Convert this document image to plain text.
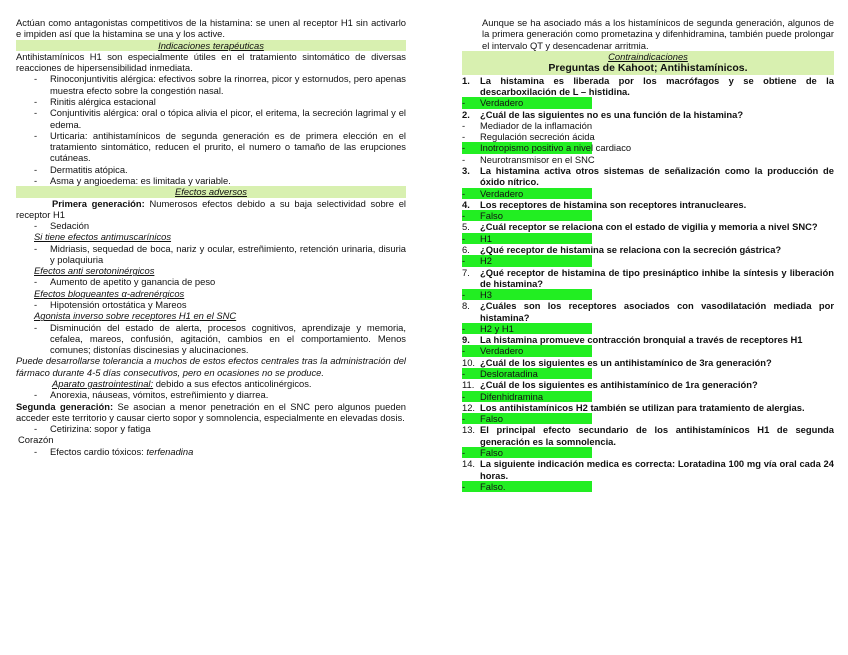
Actúan como antagonistas competitivos de la histamina: se unen al receptor H1 sin activarlo e impiden así que la histamina se una y los active.

Indicaciones terapéuticas

Antihistamínicos H1 son especialmente útiles en el tratamiento sintomático de diversas reacciones de hipersensibilidad inmediata.

-	Rinoconjuntivitis alérgica: efectivos sobre la rinorrea, picor y estornudos, pero apenas muestra efecto sobre la congestión nasal.
-	Rinitis alérgica estacional
-	Conjuntivitis alérgica: oral o tópica alivia el picor, el eritema, la secreción lagrimal y el edema.
-	Urticaria: antihistamínicos de segunda generación es de primera elección en el tratamiento sintomático, reducen el prurito, el numero o tamaño de las erupciones cutáneas.
-	Dermatitis atópica.
-	Asma y angioedema: es limitada y variable.
Efectos adversos

Primera generación: Numerosos efectos debido a su baja selectividad sobre el receptor H1

-	Sedación
Si tiene efectos antimuscarínicos
-	Midriasis, sequedad de boca, nariz y ocular, estreñimiento, retención urinaria, disuria y polaquiuria
Efectos anti serotoninérgicos
-	Aumento de apetito y ganancia de peso
Efectos bloqueantes α-adrenérgicos
-	Hipotensión ortostática y Mareos
Agonista inverso sobre receptores H1 en el SNC
-	Disminución del estado de alerta, procesos cognitivos, aprendizaje y memoria, cefalea, mareos, confusión, agitación, cambios en el comportamiento. Menos comunes; distonías discinesias y alucinaciones.

Puede desarrollarse tolerancia a muchos de estos efectos centrales tras la administración del fármaco durante 4-5 días consecutivos, pero en ocasiones no se produce.

Aparato gastrointestinal: debido a sus efectos anticolinérgicos.

-	Anorexia, náuseas, vómitos, estreñimiento y diarrea.

Segunda generación: Se asocian a menor penetración en el SNC pero algunos pueden acceder este territorio y causar cierto sopor y somnolencia, especialmente en elevadas dosis.

-	Cetirizina: sopor y fatiga
Corazón
-	Efectos cardio tóxicos: terfenadina

Aunque se ha asociado más a los histamínicos de segunda generación, algunos de la primera generación como prometazina y difenhidramina, también puede prolongar el intervalo QT y desencadenar arritmia.

Contraindicaciones
Preguntas de Kahoot; Antihistamínicos.
1.	La histamina es liberada por los macrófagos y se obtiene de la descarboxilación de L – histidina.
-	Verdadero
2.	¿Cuál de las siguientes no es una función de la histamina?
-	Mediador de la inflamación
-	Regulación secreción ácida
-	Inotropismo positivo a nivel cardiaco
-	Neurotransmisor en el SNC
3.	La histamina activa otros sistemas de señalización como la producción de óxido nítrico.
-	Verdadero
4.	Los receptores de histamina son receptores intranucleares.
-	Falso
5.	¿Cuál receptor se relaciona con el estado de vigilia y memoria a nivel SNC?
-	H1
6.	¿Qué receptor de histamina se relaciona con la secreción gástrica?
-	H2
7.	¿Qué receptor de histamina de tipo presináptico inhibe la síntesis y liberación de histamina?
-	H3
8.	¿Cuáles son los receptores asociados con vasodilatación mediada por histamina?
-	H2 y H1
9.	La histamina promueve contracción bronquial a través de receptores H1
-	Verdadero
10. ¿Cuál de los siguientes es un antihistamínico de 3ra generación?
-	Desloratadina
11. ¿Cuál de los siguientes es antihistamínico de 1ra generación?
-	Difenhidramina
12. Los antihistamínicos H2 también se utilizan para tratamiento de alergias.
-	Falso
13. El principal efecto secundario de los antihistamínicos H1 de segunda generación es la somnolencia.
-	Falso
14. La siguiente indicación medica es correcta: Loratadina 100 mg vía oral cada 24 horas.
-	Falso.
